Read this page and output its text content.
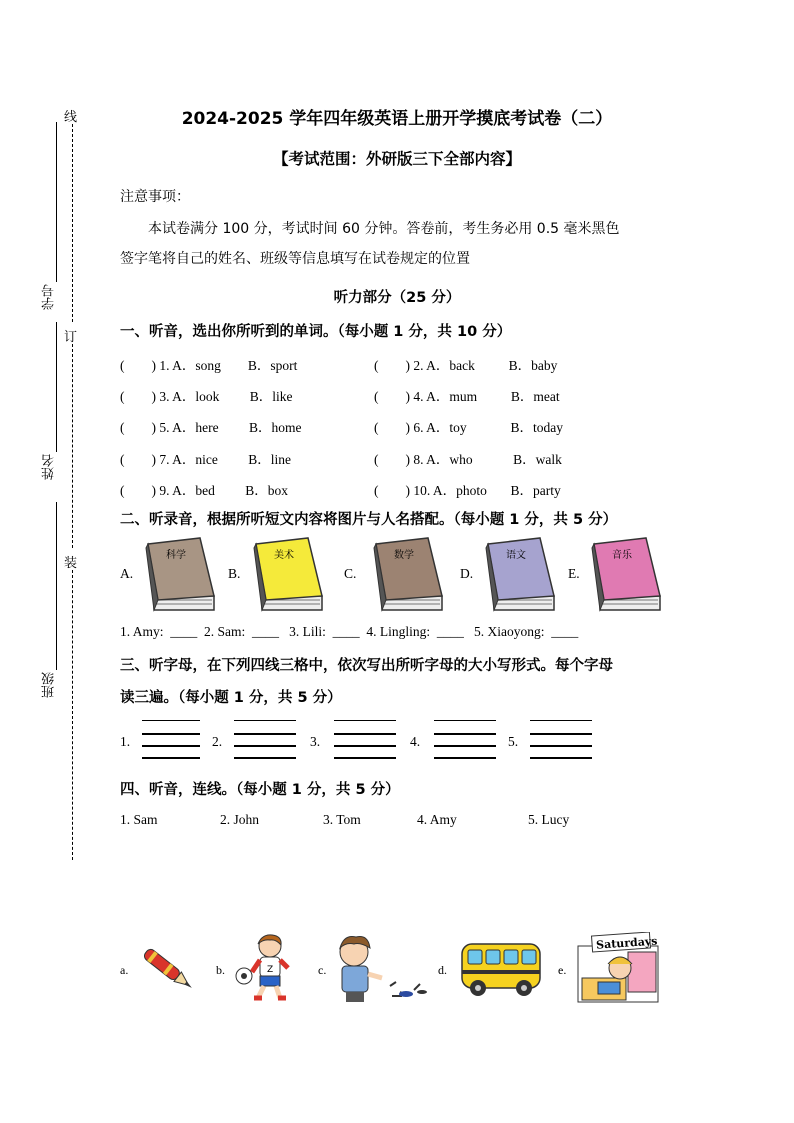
线
订
装
学号
姓名
班级
2024-2025 学年四年级英语上册开学摸底考试卷（二）
【考试范围：外研版三下全部内容】
注意事项：
本试卷满分 100 分，考试时间 60 分钟。答卷前，考生务必用 0.5 毫米黑色
签字笔将自己的姓名、班级等信息填写在试卷规定的位置
听力部分（25 分）
一、听音，选出你所听到的单词。（每小题 1 分，共 10 分）
(        ) 1. A．song        B．sport	(        ) 2. A．back          B．baby
(        ) 3. A．look         B．like	(        ) 4. A．mum          B．meat
(        ) 5. A．here         B．home	(        ) 6. A．toy             B．today
(        ) 7. A．nice         B．line	(        ) 8. A．who            B．walk
(        ) 9. A．bed         B．box	(        ) 10. A．photo       B．party
二、听录音，根据所听短文内容将图片与人名搭配。（每小题 1 分，共 5 分）
A.	B.	C.	D.	E.
科学	美术	数学	语文	音乐
1. Amy:  ____  2. Sam:  ____   3. Lili:  ____  4. Lingling:  ____   5. Xiaoyong:  ____
三、听字母，在下列四线三格中，依次写出所听字母的大小写形式。每个字母
读三遍。（每小题 1 分，共 5 分）
1.	2.	3.	4.	5.
四、听音，连线。（每小题 1 分，共 5 分）
1. Sam	2. John	3. Tom	4. Amy	5. Lucy
a.	b.	c.	d.	e.
Z
Saturdays
